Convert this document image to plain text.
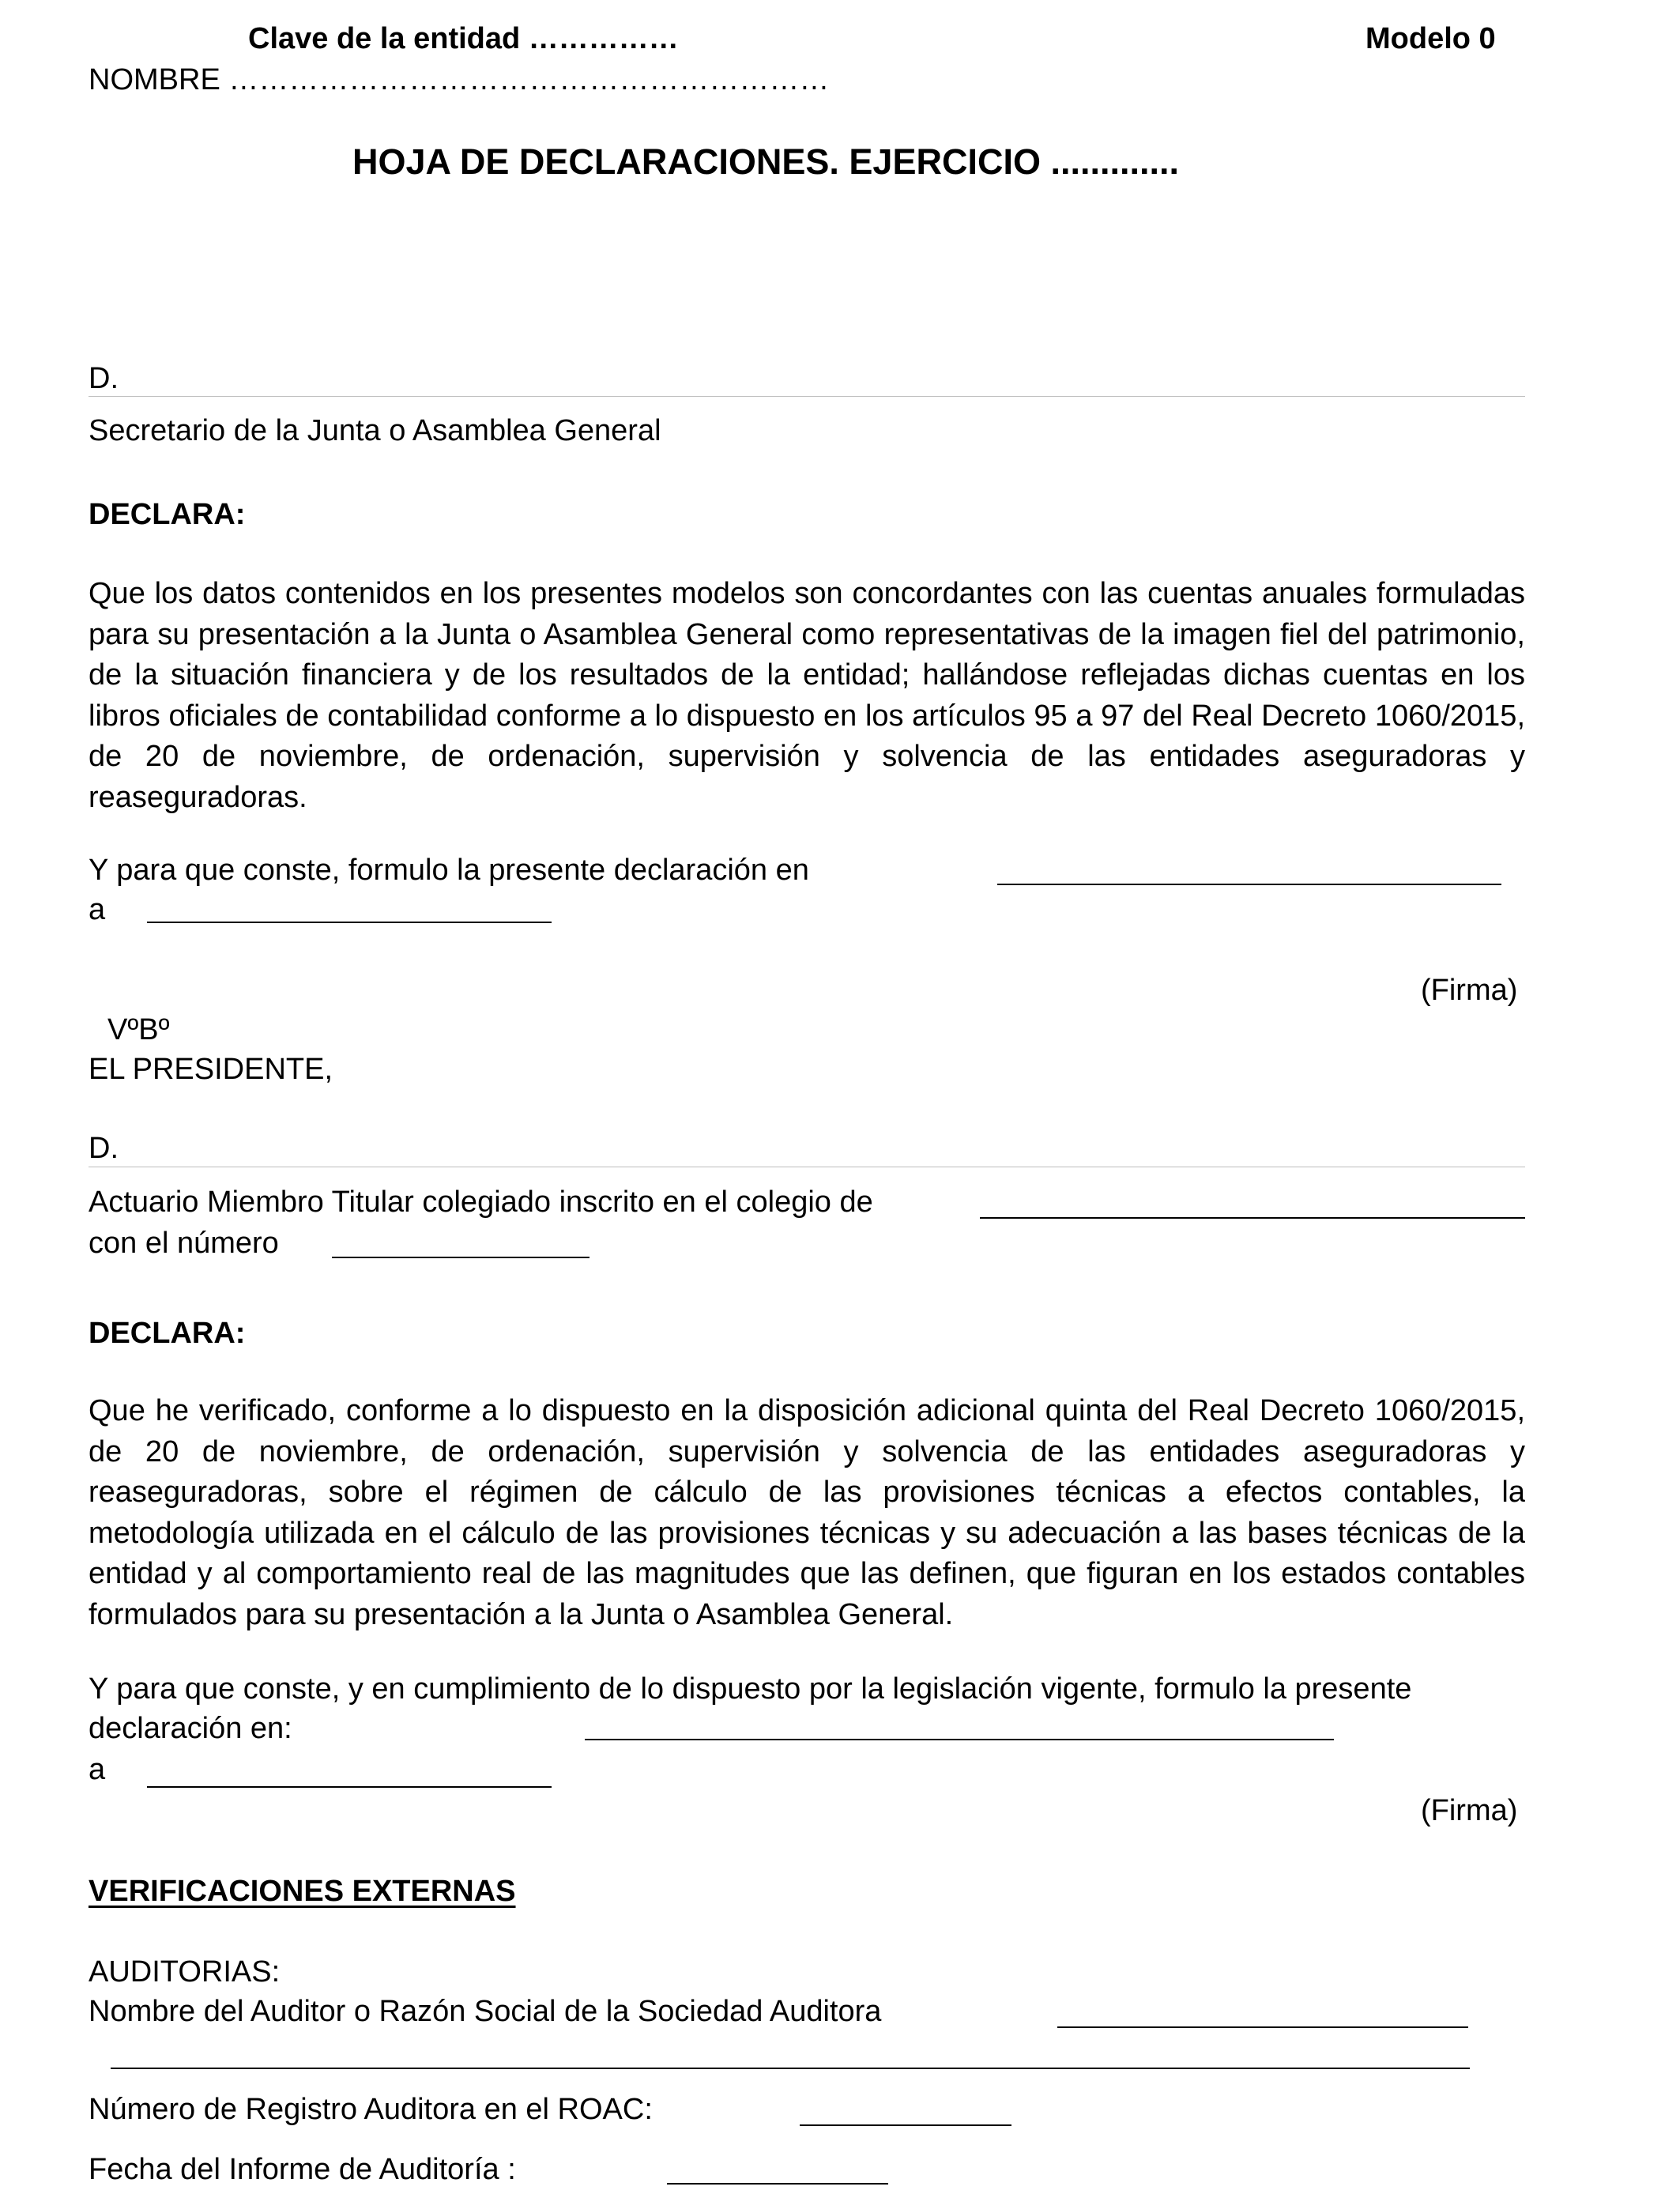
Clave de la entidad ……………	Modelo 0
NOMBRE ……………………………………………………
HOJA DE DECLARACIONES. EJERCICIO .............
D.
Secretario de la Junta o Asamblea General
DECLARA:
Que los datos contenidos en los presentes modelos son concordantes con las cuentas anuales formuladas para su presentación a la Junta o Asamblea General como representativas de la imagen fiel del patrimonio, de la situación financiera y de los resultados de la entidad; hallándose reflejadas dichas cuentas en los libros oficiales de contabilidad conforme a lo dispuesto en los artículos 95 a 97 del Real Decreto 1060/2015, de 20 de noviembre, de ordenación, supervisión y solvencia de las entidades aseguradoras y reaseguradoras.
Y para que conste, formulo la presente declaración en
a
(Firma)
VºBº
EL PRESIDENTE,
D.
Actuario Miembro Titular colegiado inscrito en el colegio de
con el número
DECLARA:
Que he verificado, conforme a lo dispuesto en la disposición adicional quinta del Real Decreto 1060/2015, de 20 de noviembre, de ordenación, supervisión y solvencia de las entidades aseguradoras y reaseguradoras, sobre el régimen de cálculo de las provisiones técnicas a efectos contables, la metodología utilizada en el cálculo de las provisiones técnicas y su adecuación a las bases técnicas de la entidad y al comportamiento real de las magnitudes que las definen, que figuran en los estados contables formulados para su presentación a la Junta o Asamblea General.
Y para que conste, y en cumplimiento de lo dispuesto por la legislación vigente, formulo la presente
declaración en:
a
(Firma)
VERIFICACIONES EXTERNAS
AUDITORIAS:
Nombre del Auditor o Razón Social de la Sociedad Auditora
Número de Registro Auditora en el ROAC:
Fecha del Informe de Auditoría :
